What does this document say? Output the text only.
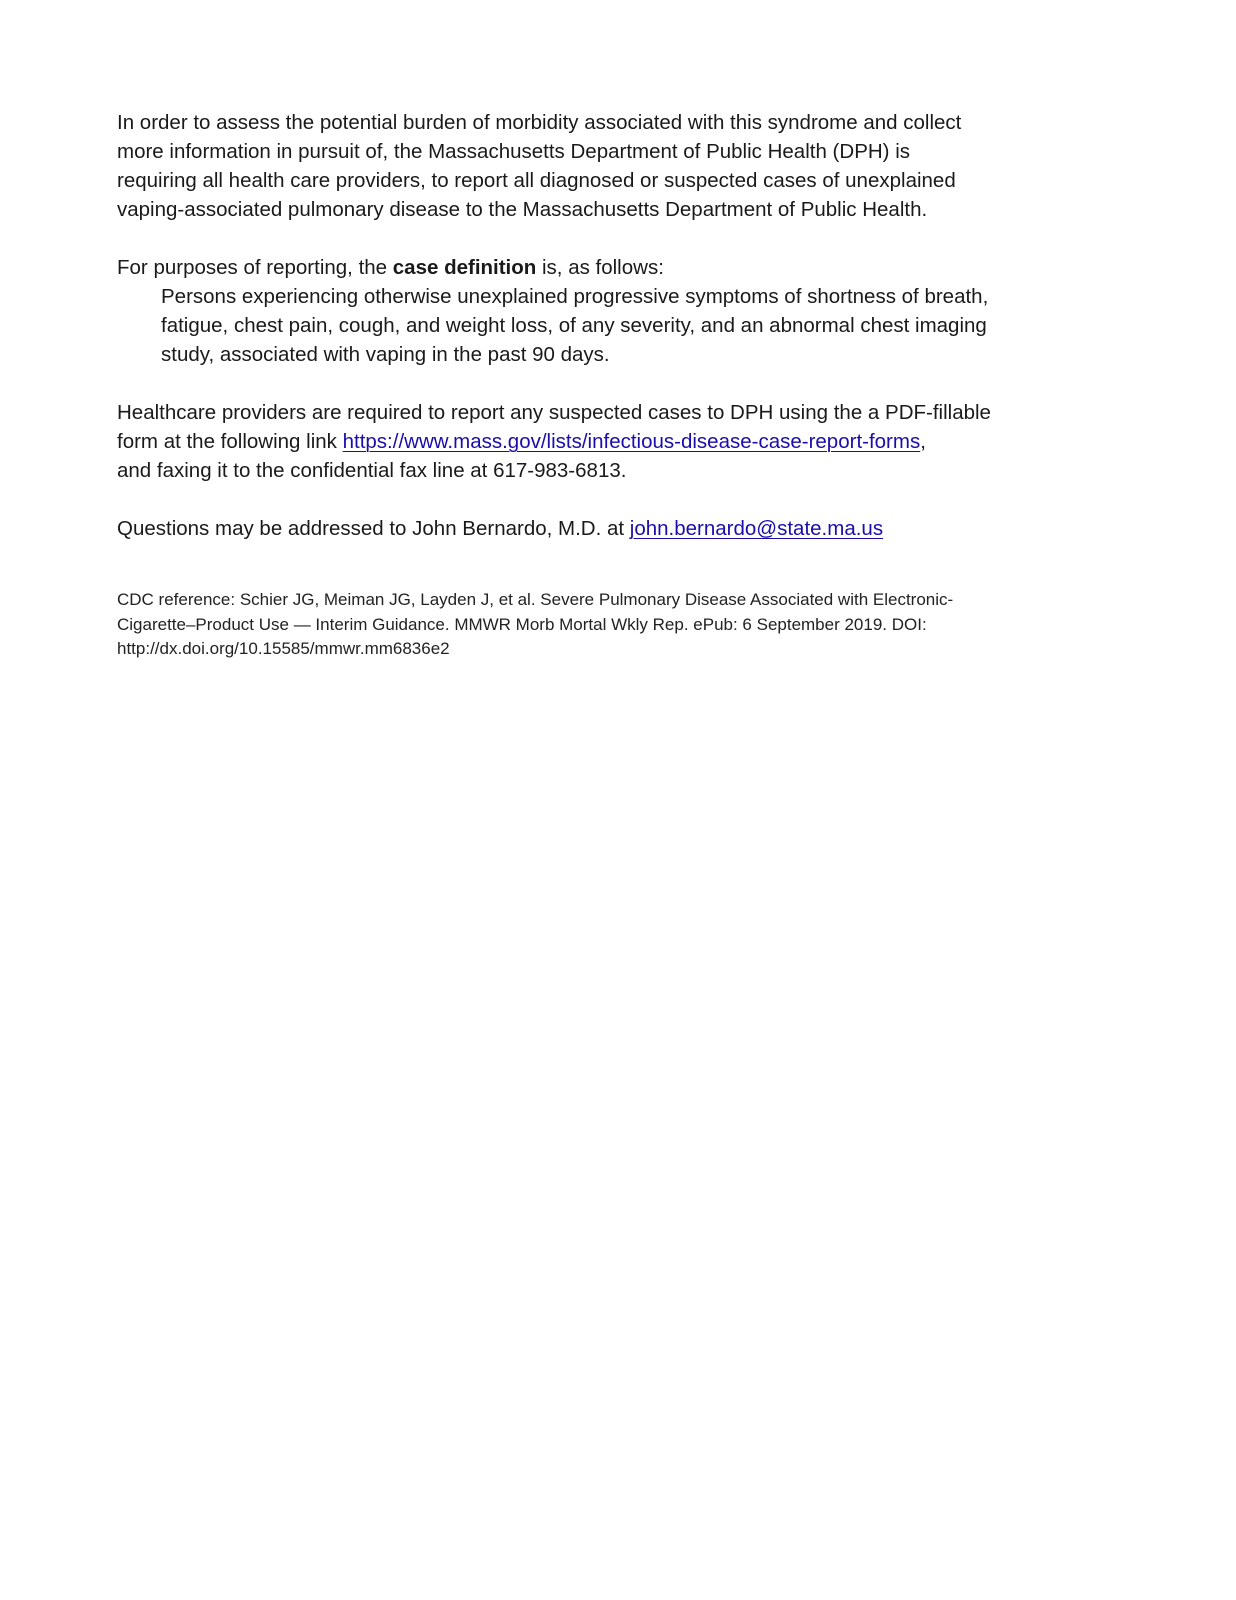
In order to assess the potential burden of morbidity associated with this syndrome and collect
more information in pursuit of, the Massachusetts Department of Public Health (DPH) is
requiring all health care providers, to report all diagnosed or suspected cases of unexplained
vaping-associated pulmonary disease to the Massachusetts Department of Public Health.

For purposes of reporting, the case definition is, as follows:
Persons experiencing otherwise unexplained progressive symptoms of shortness of breath,
fatigue, chest pain, cough, and weight loss, of any severity, and an abnormal chest imaging
study, associated with vaping in the past 90 days.

Healthcare providers are required to report any suspected cases to DPH using the a PDF-fillable
form at the following link https://www.mass.gov/lists/infectious-disease-case-report-forms,
and faxing it to the confidential fax line at 617-983-6813.

Questions may be addressed to John Bernardo, M.D. at john.bernardo@state.ma.us

CDC reference: Schier JG, Meiman JG, Layden J, et al. Severe Pulmonary Disease Associated with Electronic-
Cigarette–Product Use — Interim Guidance. MMWR Morb Mortal Wkly Rep. ePub: 6 September 2019. DOI:
http://dx.doi.org/10.15585/mmwr.mm6836e2
